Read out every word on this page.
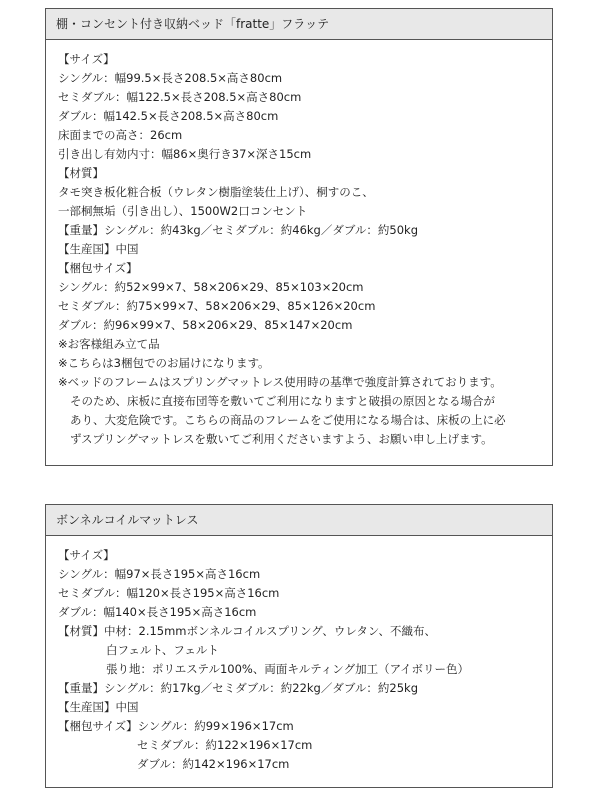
棚・コンセント付き収納ベッド「fratte」フラッテ
【サイズ】
シングル：幅99.5×長さ208.5×高さ80cm
セミダブル：幅122.5×長さ208.5×高さ80cm
ダブル：幅142.5×長さ208.5×高さ80cm
床面までの高さ：26cm
引き出し有効内寸：幅86×奥行き37×深さ15cm
【材質】
タモ突き板化粧合板（ウレタン樹脂塗装仕上げ）、桐すのこ、
一部桐無垢（引き出し）、1500W2口コンセント
【重量】シングル：約43kg／セミダブル：約46kg／ダブル：約50kg
【生産国】中国
【梱包サイズ】
シングル：約52×99×7、58×206×29、85×103×20cm
セミダブル：約75×99×7、58×206×29、85×126×20cm
ダブル：約96×99×7、58×206×29、85×147×20cm
※お客様組み立て品
※こちらは3梱包でのお届けになります。
※ベッドのフレームはスプリングマットレス使用時の基準で強度計算されております。
そのため、床板に直接布団等を敷いてご利用になりますと破損の原因となる場合が
あり、大変危険です。こちらの商品のフレームをご使用になる場合は、床板の上に必
ずスプリングマットレスを敷いてご利用くださいますよう、お願い申し上げます。
ボンネルコイルマットレス
【サイズ】
シングル：幅97×長さ195×高さ16cm
セミダブル：幅120×長さ195×高さ16cm
ダブル：幅140×長さ195×高さ16cm
【材質】中材：2.15mmボンネルコイルスプリング、ウレタン、不織布、
白フェルト、フェルト
張り地：ポリエステル100%、両面キルティング加工（アイボリー色）
【重量】シングル：約17kg／セミダブル：約22kg／ダブル：約25kg
【生産国】中国
【梱包サイズ】シングル：約99×196×17cm
セミダブル：約122×196×17cm
ダブル：約142×196×17cm
